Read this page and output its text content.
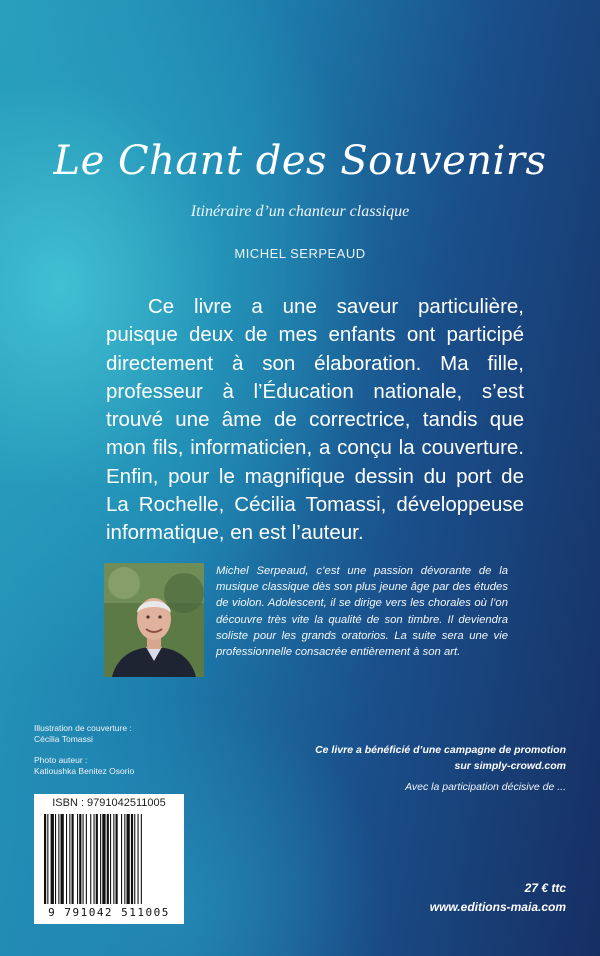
Le Chant des Souvenirs
Itinéraire d’un chanteur classique
MICHEL SERPEAUD
Ce livre a une saveur particulière, puisque deux de mes enfants ont participé directement à son élaboration. Ma fille, professeur à l’Éducation nationale, s’est trouvé une âme de correctrice, tandis que mon fils, informaticien, a conçu la couverture. Enfin, pour le magnifique dessin du port de La Rochelle, Cécilia Tomassi, développeuse informatique, en est l’auteur.
Michel Serpeaud, c’est une passion dévorante de la musique classique dès son plus jeune âge par des études de violon. Adolescent, il se dirige vers les chorales où l’on découvre très vite la qualité de son timbre. Il deviendra soliste pour les grands oratorios. La suite sera une vie professionnelle consacrée entièrement à son art.
Illustration de couverture :
Cécilia Tomassi
Photo auteur :
Katioushka Benitez Osorio
Ce livre a bénéficié d’une campagne de promotion
sur simply-crowd.com
Avec la participation décisive de ...
ISBN : 9791042511005
9 791042 511005
27 € ttc
www.editions-maia.com
